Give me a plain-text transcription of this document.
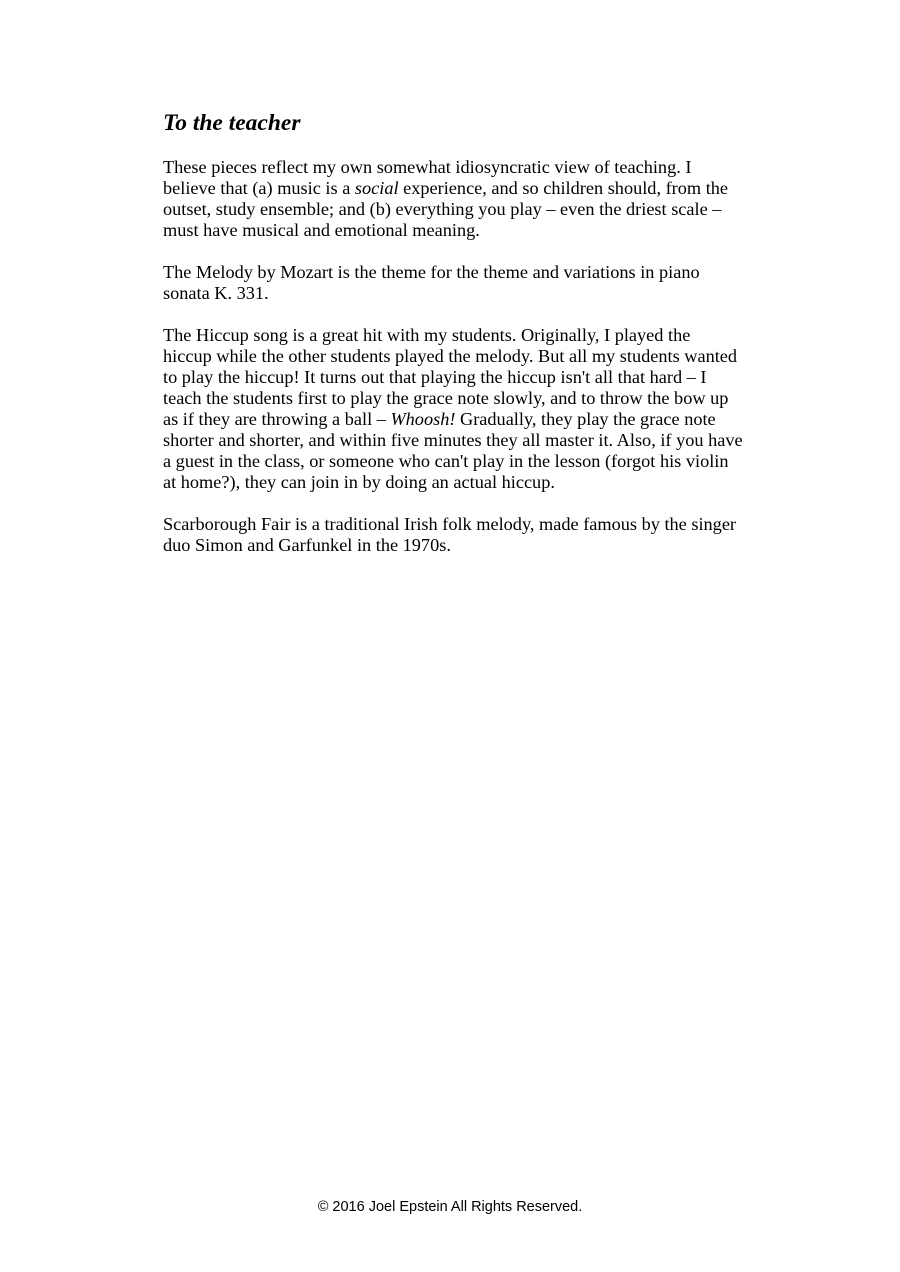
To the teacher

These pieces reflect my own somewhat idiosyncratic view of teaching. I believe that (a) music is a social experience, and so children should, from the outset, study ensemble; and (b) everything you play – even the driest scale – must have musical and emotional meaning.

The Melody by Mozart is the theme for the theme and variations in piano sonata K. 331.

The Hiccup song is a great hit with my students. Originally, I played the hiccup while the other students played the melody. But all my students wanted to play the hiccup! It turns out that playing the hiccup isn't all that hard – I teach the students first to play the grace note slowly, and to throw the bow up as if they are throwing a ball – Whoosh! Gradually, they play the grace note shorter and shorter, and within five minutes they all master it. Also, if you have a guest in the class, or someone who can't play in the lesson (forgot his violin at home?), they can join in by doing an actual hiccup.

Scarborough Fair is a traditional Irish folk melody, made famous by the singer duo Simon and Garfunkel in the 1970s.

© 2016 Joel Epstein All Rights Reserved.
